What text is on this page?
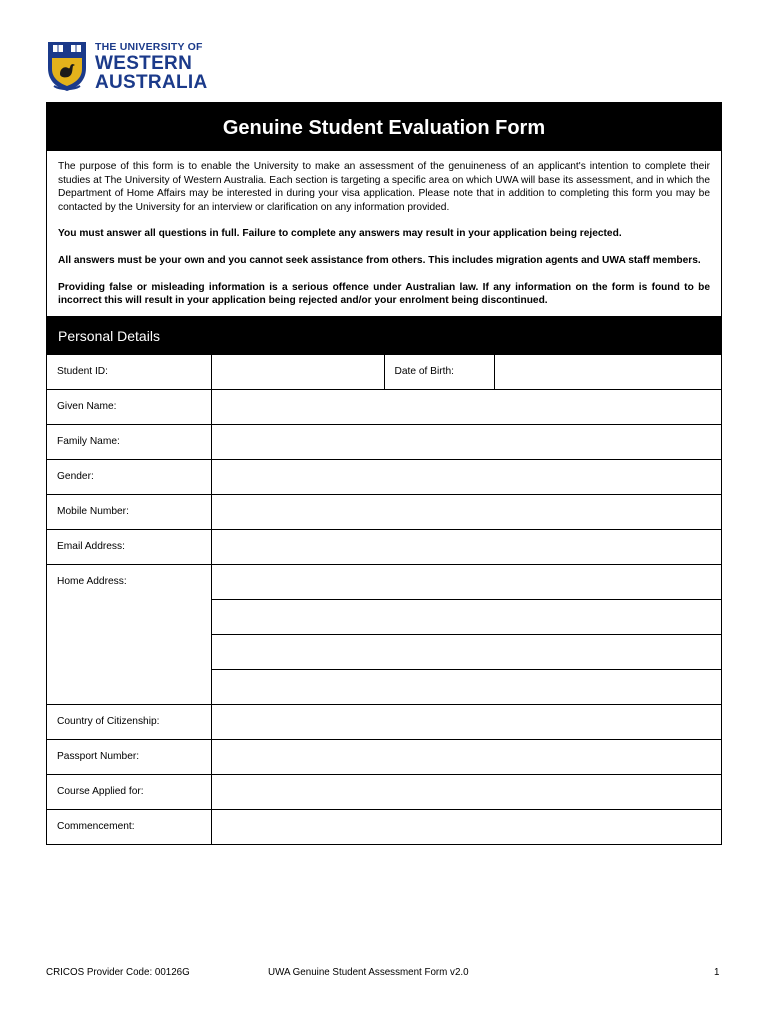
THE UNIVERSITY OF
WESTERN
AUSTRALIA
Genuine Student Evaluation Form

The purpose of this form is to enable the University to make an assessment of the genuineness of an applicant's intention to complete their studies at The University of Western Australia. Each section is targeting a specific area on which UWA will base its assessment, and in which the Department of Home Affairs may be interested in during your visa application. Please note that in addition to completing this form you may be contacted by the University for an interview or clarification on any information provided.

You must answer all questions in full. Failure to complete any answers may result in your application being rejected.

All answers must be your own and you cannot seek assistance from others. This includes migration agents and UWA staff members.

Providing false or misleading information is a serious offence under Australian law. If any information on the form is found to be incorrect this will result in your application being rejected and/or your enrolment being discontinued.

Personal Details
Student ID:		Date of Birth:	
Given Name:			
Family Name:			
Gender:			
Mobile Number:			
Email Address:			
Home Address:			

Country of Citizenship:			
Passport Number:			
Course Applied for:			
Commencement:			
CRICOS Provider Code: 00126G	UWA Genuine Student Assessment Form v2.0	1
